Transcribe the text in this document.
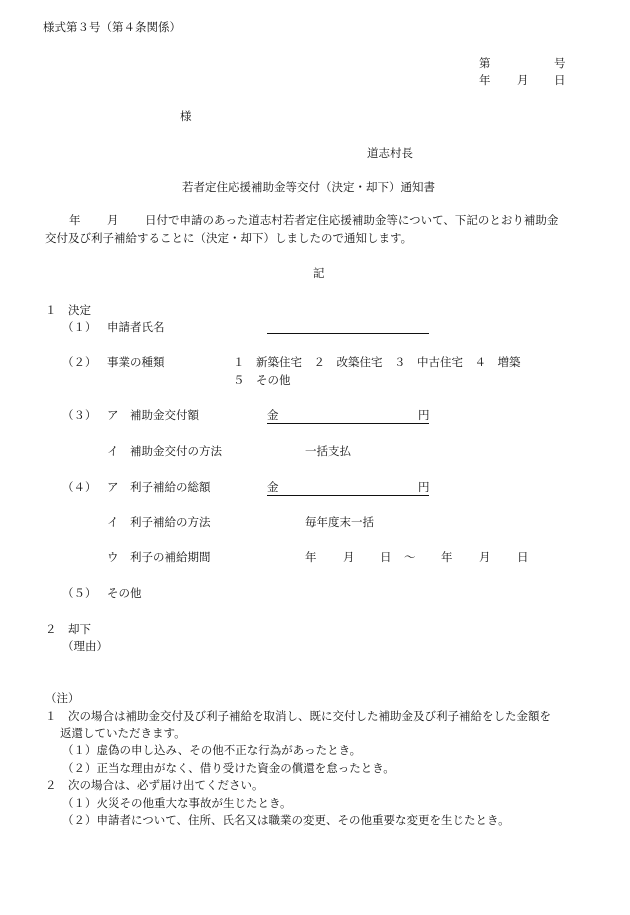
様式第３号（第４条関係）
第	号
年 月 日
様
道志村長
若者定住応援補助金等交付（決定・却下）通知書
年 月 日付で申請のあった道志村若者定住応援補助金等について、下記のとおり補助金
交付及び利子補給することに（決定・却下）しましたので通知します。
記
１　決定
（１） 申請者氏名
（２） 事業の種類	１　新築住宅　２　改築住宅　３　中古住宅　４　増築
５　その他
（３） ア　補助金交付額	金	円
イ　補助金交付の方法	一括支払
（４） ア　利子補給の総額	金	円
イ　利子補給の方法	毎年度末一括
ウ　利子の補給期間	年 月 日 ～ 年 月 日
（５） その他
２　却下
（理由）
（注）
１　次の場合は補助金交付及び利子補給を取消し、既に交付した補助金及び利子補給をした金額を
返還していただきます。
（１）虚偽の申し込み、その他不正な行為があったとき。
（２）正当な理由がなく、借り受けた資金の償還を怠ったとき。
２　次の場合は、必ず届け出てください。
（１）火災その他重大な事故が生じたとき。
（２）申請者について、住所、氏名又は職業の変更、その他重要な変更を生じたとき。
